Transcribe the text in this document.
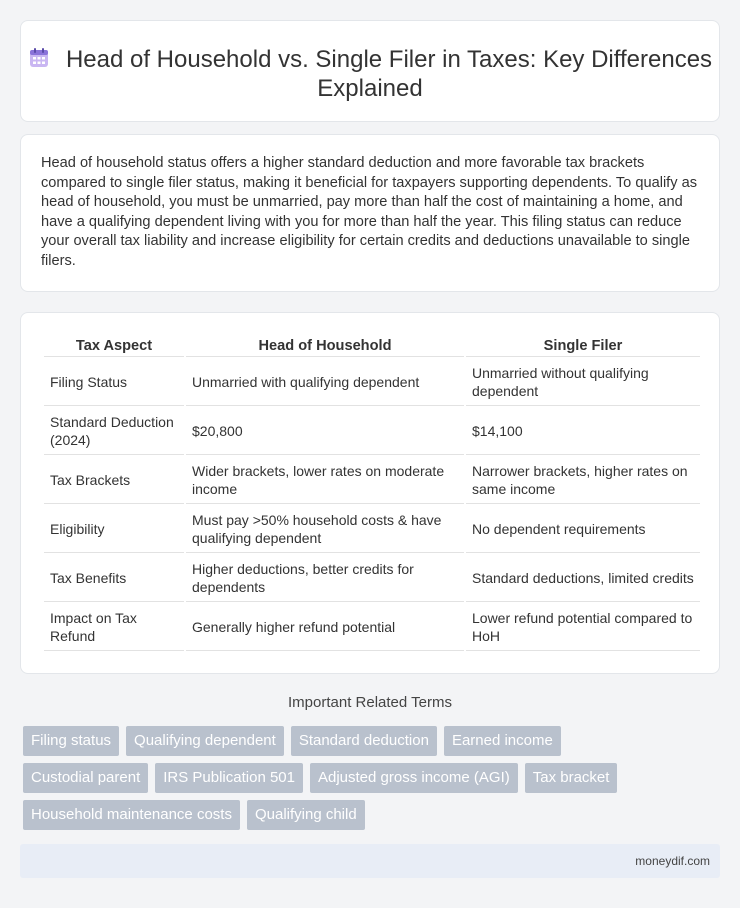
Head of Household vs. Single Filer in Taxes: Key Differences Explained

Head of household status offers a higher standard deduction and more favorable tax brackets compared to single filer status, making it beneficial for taxpayers supporting dependents. To qualify as head of household, you must be unmarried, pay more than half the cost of maintaining a home, and have a qualifying dependent living with you for more than half the year. This filing status can reduce your overall tax liability and increase eligibility for certain credits and deductions unavailable to single filers.

Tax Aspect	Head of Household	Single Filer
Filing Status	Unmarried with qualifying dependent	Unmarried without qualifying dependent
Standard Deduction (2024)	$20,800	$14,100
Tax Brackets	Wider brackets, lower rates on moderate income	Narrower brackets, higher rates on same income
Eligibility	Must pay >50% household costs & have qualifying dependent	No dependent requirements
Tax Benefits	Higher deductions, better credits for dependents	Standard deductions, limited credits
Impact on Tax Refund	Generally higher refund potential	Lower refund potential compared to HoH
Important Related Terms
Filing status	Qualifying dependent	Standard deduction	Earned income
Custodial parent	IRS Publication 501	Adjusted gross income (AGI)	Tax bracket
Household maintenance costs	Qualifying child
moneydif.com
